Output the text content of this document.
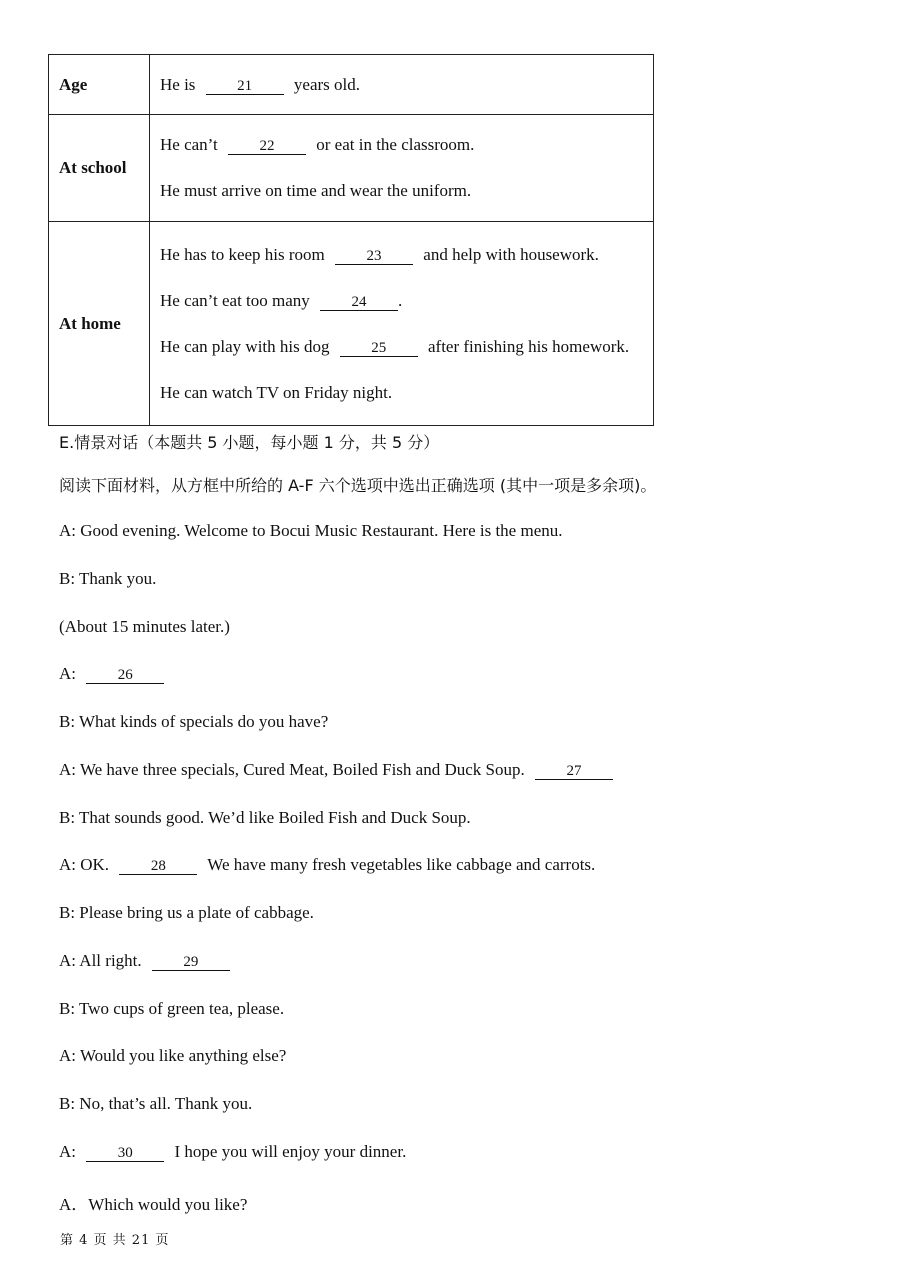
Age	He is 21 years old.

At school	He can’t 22 or eat in the classroom.
He must arrive on time and wear the uniform.

At home	He has to keep his room 23 and help with housework.
He can’t eat too many 24 .
He can play with his dog 25 after finishing his homework.
He can watch TV on Friday night.
E.情景对话（本题共 5 小题，每小题 1 分，共 5 分）
阅读下面材料，从方框中所给的 A-F 六个选项中选出正确选项 (其中一项是多余项)。
A: Good evening. Welcome to Bocui Music Restaurant. Here is the menu.
B: Thank you.
(About 15 minutes later.)
A:	26
B: What kinds of specials do you have?
A: We have three specials, Cured Meat, Boiled Fish and Duck Soup.	27
B: That sounds good. We’d like Boiled Fish and Duck Soup.
A: OK.	28 We have many fresh vegetables like cabbage and carrots.
B: Please bring us a plate of cabbage.
A: All right.	29
B: Two cups of green tea, please.
A: Would you like anything else?
B: No, that’s all. Thank you.
A:	30 I hope you will enjoy your dinner.
A．Which would you like?
第 4 页 共 21 页
